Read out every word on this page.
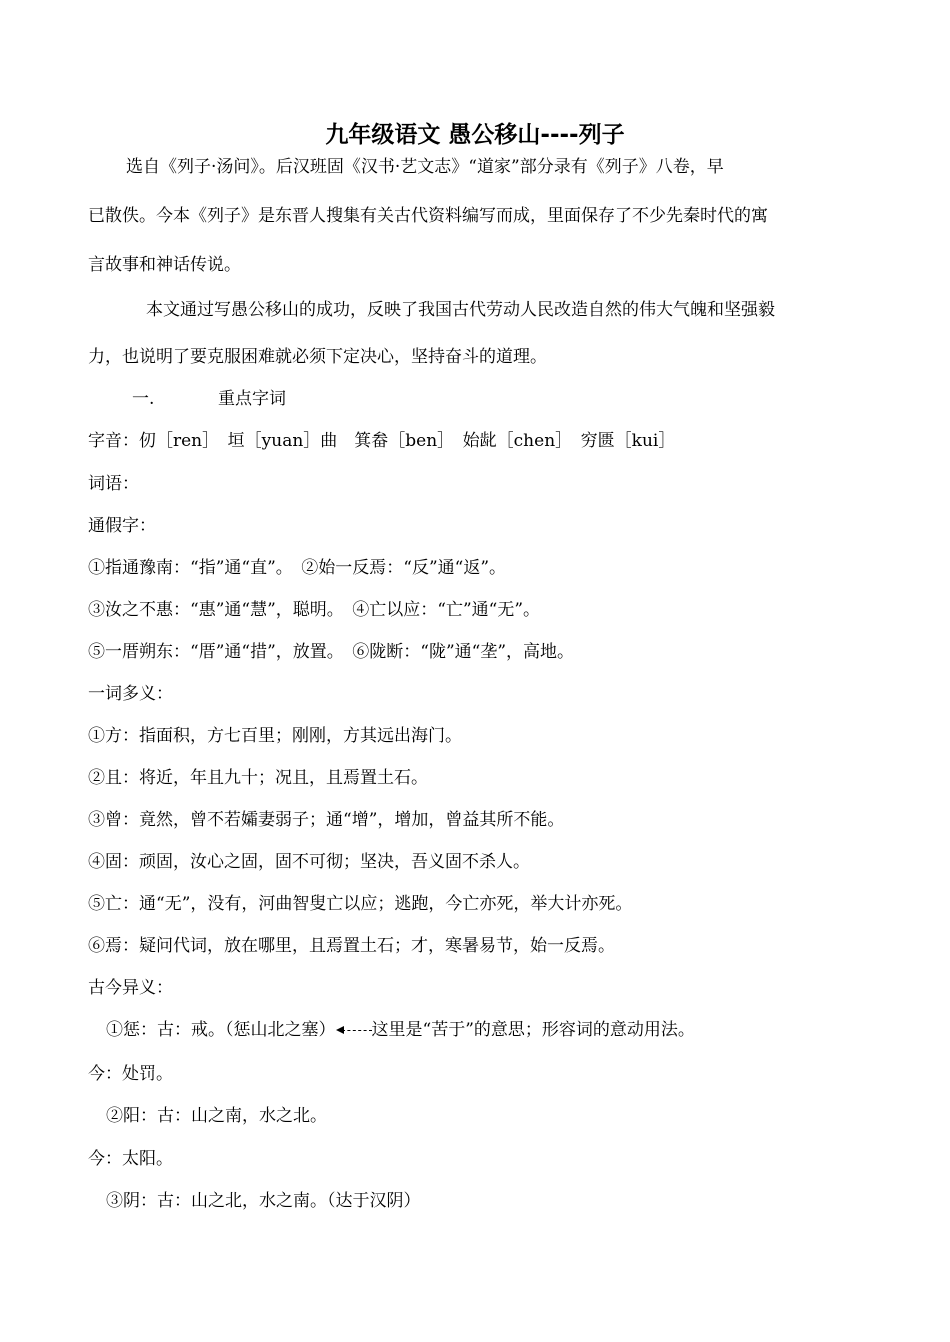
九年级语文 愚公移山----列子
选自《列子·汤问》。后汉班固《汉书·艺文志》“道家”部分录有《列子》八卷，早
已散佚。今本《列子》是东晋人搜集有关古代资料编写而成，里面保存了不少先秦时代的寓
言故事和神话传说。
本文通过写愚公移山的成功，反映了我国古代劳动人民改造自然的伟大气魄和坚强毅
力，也说明了要克服困难就必须下定决心，坚持奋斗的道理。
一.	重点字词
字音：仞［ren］　垣［yuan］曲　箕畚［ben］　始龀［chen］　穷匮［kui］
词语：
通假字：
①指通豫南：“指”通“直”。　②始一反焉：“反”通“返”。
③汝之不惠：“惠”通“慧”，聪明。　④亡以应：“亡”通“无”。
⑤一厝朔东：“厝”通“措”，放置。　⑥陇断：“陇”通“垄”，高地。
一词多义：
①方：指面积，方七百里；刚刚，方其远出海门。
②且：将近，年且九十；况且，且焉置土石。
③曾：竟然，曾不若孀妻弱子；通“增”，增加，曾益其所不能。
④固：顽固，汝心之固，固不可彻；坚决，吾义固不杀人。
⑤亡：通“无”，没有，河曲智叟亡以应；逃跑，今亡亦死，举大计亦死。
⑥焉：疑问代词，放在哪里，且焉置土石；才，寒暑易节，始一反焉。
古今异义：
①惩：古：戒。（惩山北之塞） 这里是“苦于”的意思；形容词的意动用法。
今：处罚。
②阳：古：山之南，水之北。
今：太阳。
③阴：古：山之北，水之南。（达于汉阴）
